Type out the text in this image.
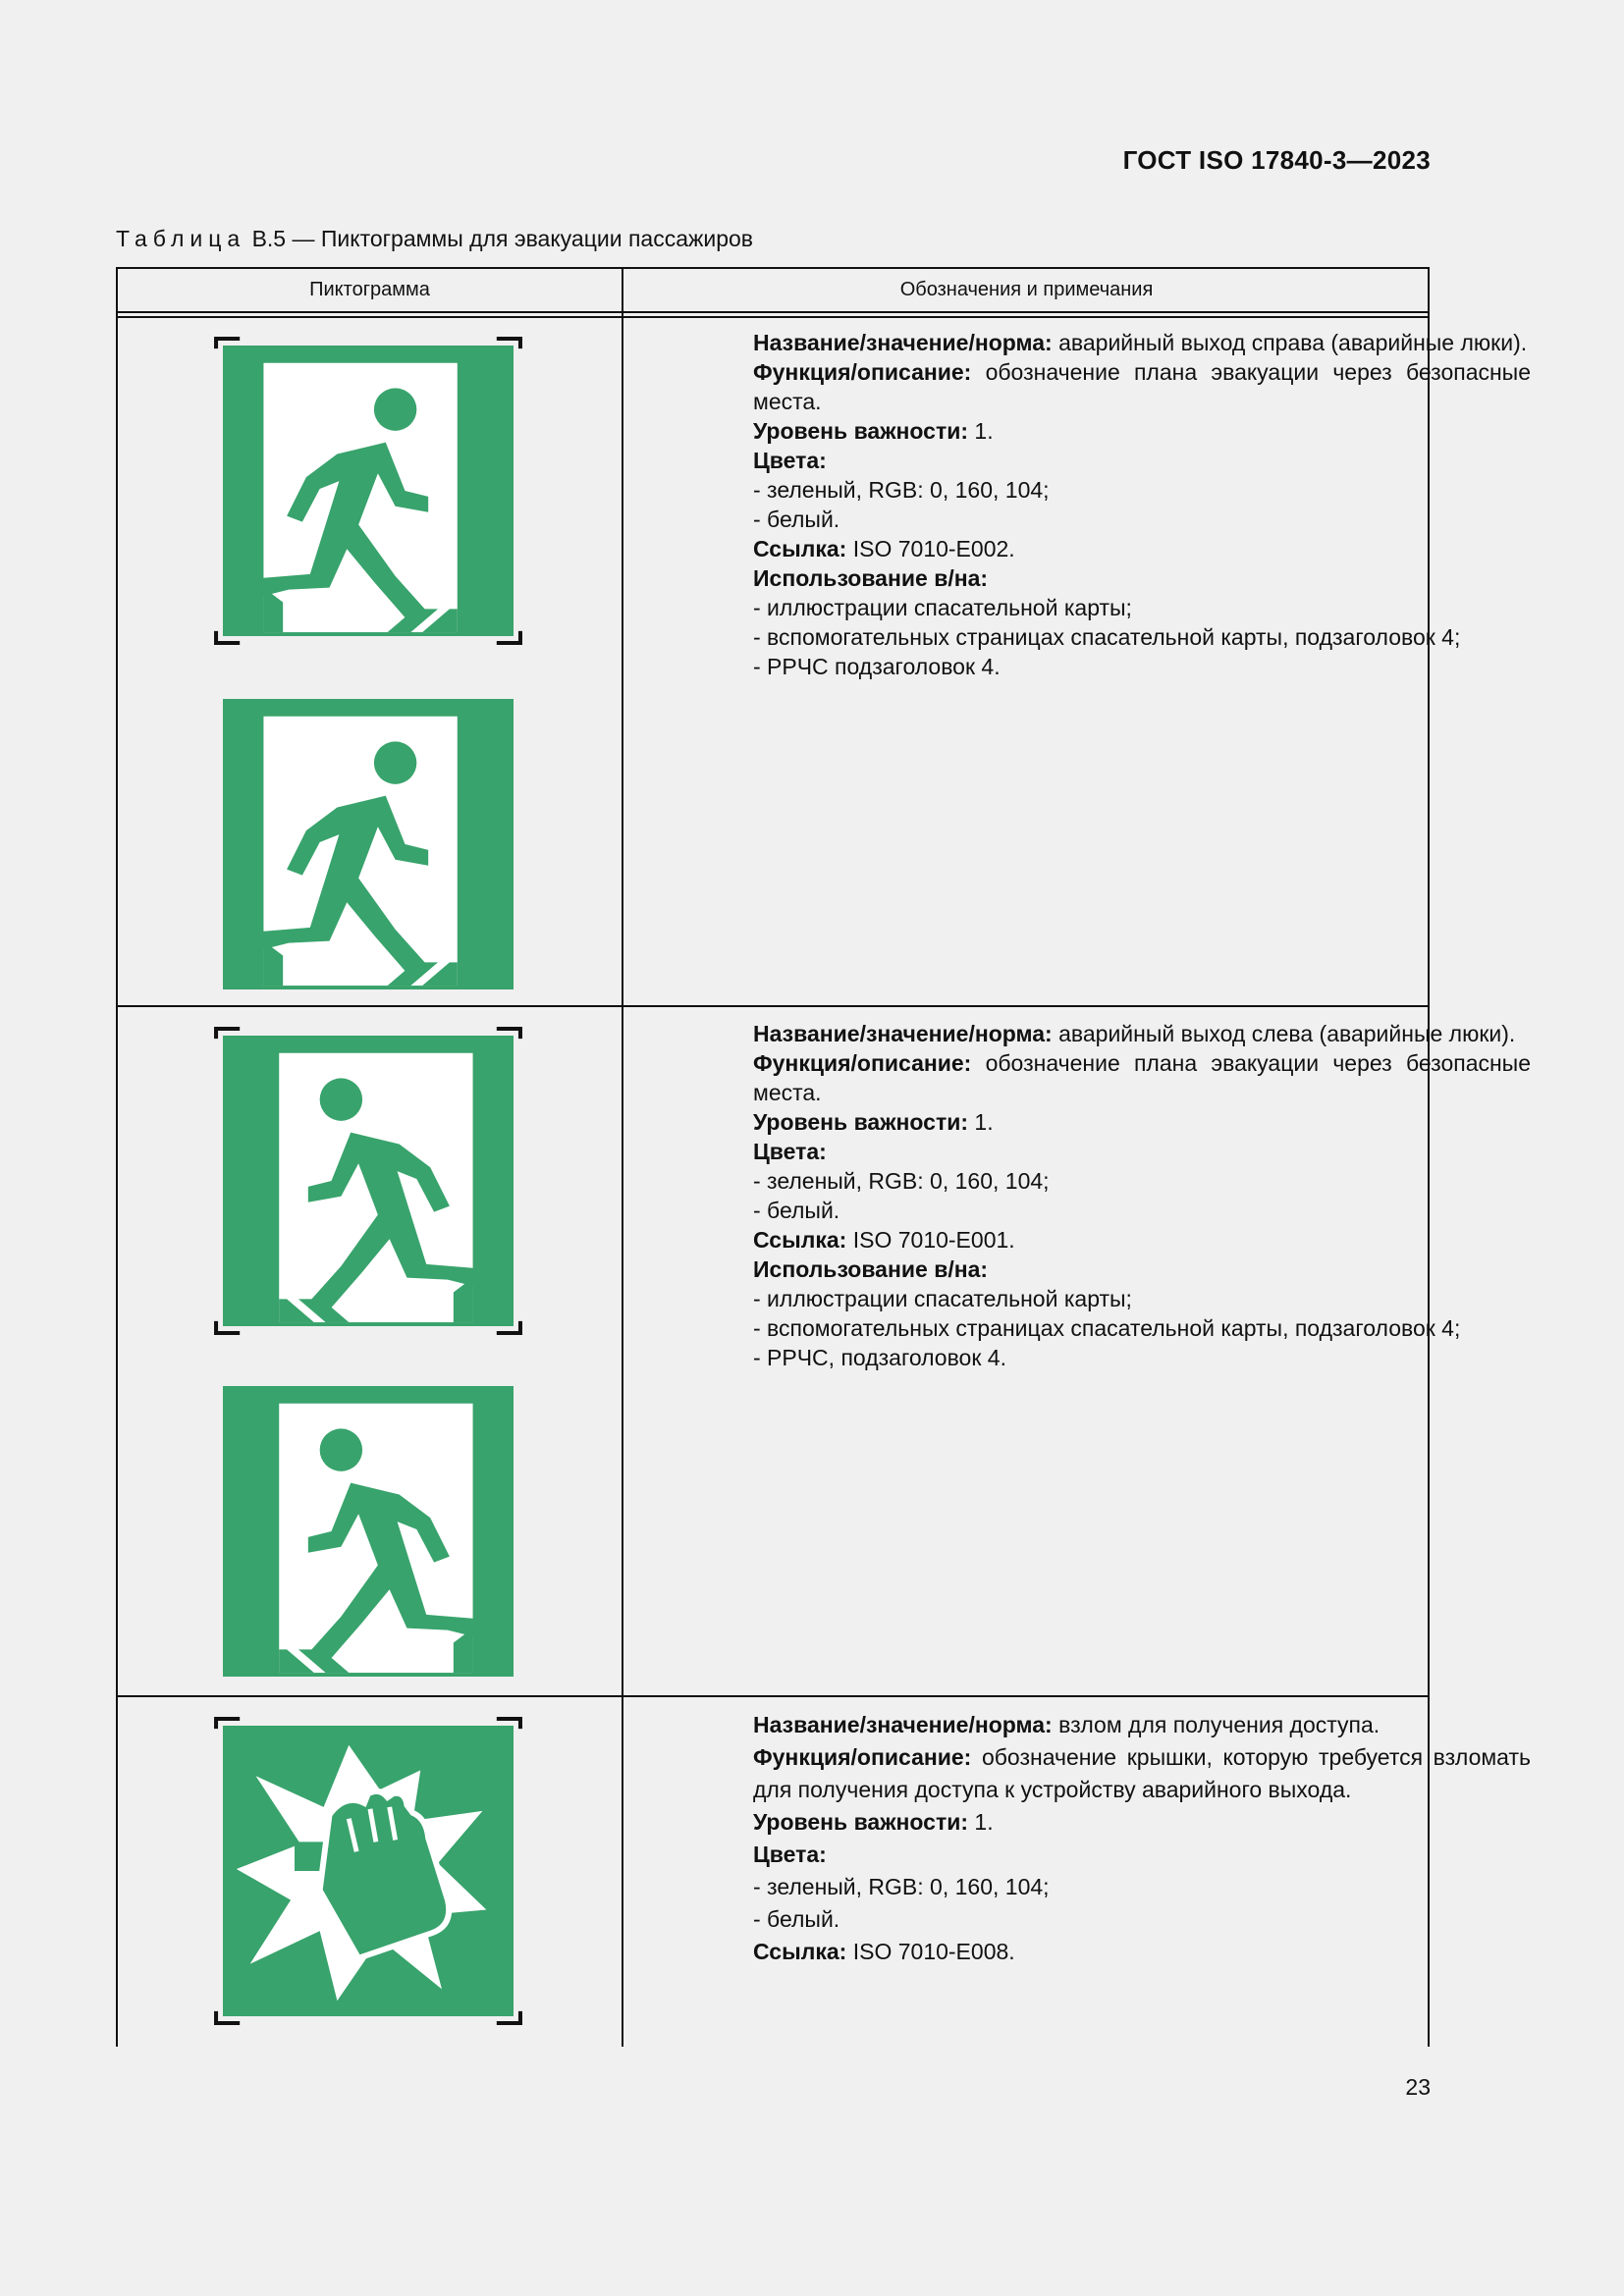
ГОСТ ISO 17840-3—2023
Таблица В.5 — Пиктограммы для эвакуации пассажиров
Пиктограмма	Обозначения и примечания

Название/значение/норма: аварийный выход справа (аварийные люки).

Функция/описание: обозначение плана эвакуации через безопасные места.

Уровень важности: 1.

Цвета:

- зеленый, RGB: 0, 160, 104;

- белый.

Ссылка: ISO 7010-E002.

Использование в/на:

- иллюстрации спасательной карты;

- вспомогательных страницах спасательной карты, подзаголовок 4;

- РРЧС подзаголовок 4.

Название/значение/норма: аварийный выход слева (аварийные люки).

Функция/описание: обозначение плана эвакуации через безопасные места.

Уровень важности: 1.

Цвета:

- зеленый, RGB: 0, 160, 104;

- белый.

Ссылка: ISO 7010-E001.

Использование в/на:

- иллюстрации спасательной карты;

- вспомогательных страницах спасательной карты, подзаголовок 4;

- РРЧС, подзаголовок 4.

Название/значение/норма: взлом для получения доступа.

Функция/описание: обозначение крышки, которую требуется взломать для получения доступа к устройству аварийного выхода.

Уровень важности: 1.

Цвета:

- зеленый, RGB: 0, 160, 104;

- белый.

Ссылка: ISO 7010-E008.

23
